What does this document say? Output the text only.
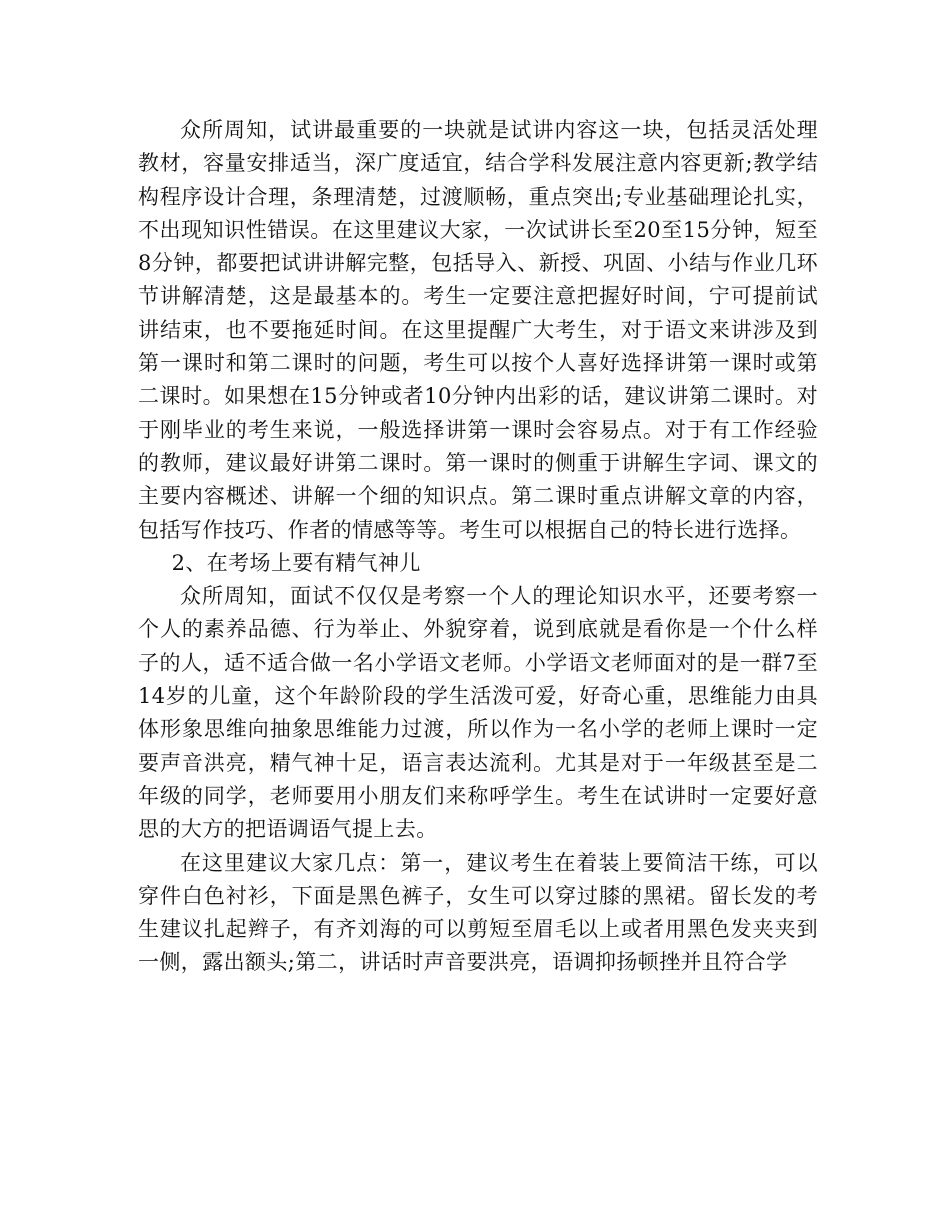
众所周知，试讲最重要的一块就是试讲内容这一块，包括灵活处理教材，容量安排适当，深广度适宜，结合学科发展注意内容更新;教学结构程序设计合理，条理清楚，过渡顺畅，重点突出;专业基础理论扎实，不出现知识性错误。在这里建议大家，一次试讲长至20至15分钟，短至8分钟，都要把试讲讲解完整，包括导入、新授、巩固、小结与作业几环节讲解清楚，这是最基本的。考生一定要注意把握好时间，宁可提前试讲结束，也不要拖延时间。在这里提醒广大考生，对于语文来讲涉及到第一课时和第二课时的问题，考生可以按个人喜好选择讲第一课时或第二课时。如果想在15分钟或者10分钟内出彩的话，建议讲第二课时。对于刚毕业的考生来说，一般选择讲第一课时会容易点。对于有工作经验的教师，建议最好讲第二课时。第一课时的侧重于讲解生字词、课文的主要内容概述、讲解一个细的知识点。第二课时重点讲解文章的内容，包括写作技巧、作者的情感等等。考生可以根据自己的特长进行选择。

2、在考场上要有精气神儿

众所周知，面试不仅仅是考察一个人的理论知识水平，还要考察一个人的素养品德、行为举止、外貌穿着，说到底就是看你是一个什么样子的人，适不适合做一名小学语文老师。小学语文老师面对的是一群7至14岁的儿童，这个年龄阶段的学生活泼可爱，好奇心重，思维能力由具体形象思维向抽象思维能力过渡，所以作为一名小学的老师上课时一定要声音洪亮，精气神十足，语言表达流利。尤其是对于一年级甚至是二年级的同学，老师要用小朋友们来称呼学生。考生在试讲时一定要好意思的大方的把语调语气提上去。

在这里建议大家几点：第一，建议考生在着装上要简洁干练，可以穿件白色衬衫，下面是黑色裤子，女生可以穿过膝的黑裙。留长发的考生建议扎起辫子，有齐刘海的可以剪短至眉毛以上或者用黑色发夹夹到一侧，露出额头;第二，讲话时声音要洪亮，语调抑扬顿挫并且符合学
